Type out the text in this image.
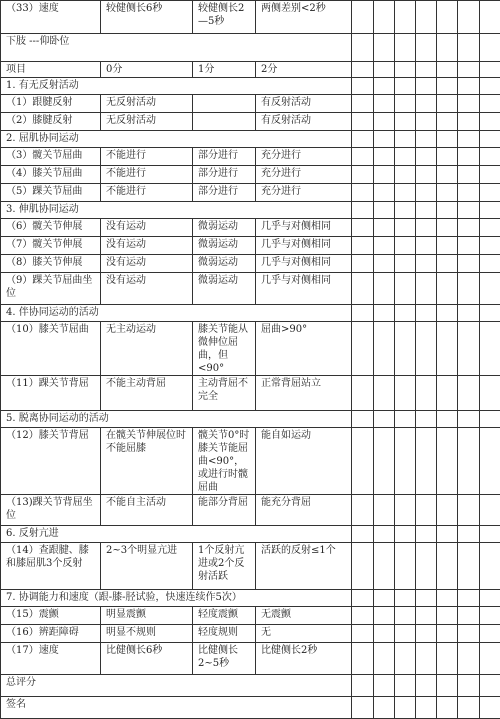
（33）速度	较健侧长6秒	较健侧长2—5秒	两侧差别<2秒							
下肢 ---仰卧位										
项目	0分	1分	2分							
1. 有无反射活动										
（1）跟腱反射	无反射活动		有反射活动							
（2）膝腱反射	无反射活动		有反射活动							
2. 屈肌协同运动										
（3）髋关节屈曲	不能进行	部分进行	充分进行							
（4）膝关节屈曲	不能进行	部分进行	充分进行							
（5）踝关节屈曲	不能进行	部分进行	充分进行							
3. 伸肌协同运动										
（6）髋关节伸展	没有运动	微弱运动	几乎与对侧相同							
（7）髋关节伸展	没有运动	微弱运动	几乎与对侧相同							
（8）膝关节伸展	没有运动	微弱运动	几乎与对侧相同							
（9）踝关节屈曲坐位	没有运动	微弱运动	几乎与对侧相同							
4. 伴协同运动的活动										
（10）膝关节屈曲	无主动运动	膝关节能从微伸位屈曲，但<90°	屈曲>90°							
（11）踝关节背屈	不能主动背屈	主动背屈不完全	正常背屈站立							
5. 脱离协同运动的活动										
（12）膝关节背屈	在髋关节伸展位时不能屈膝	髋关节0°时膝关节能屈曲<90°，或进行时髋屈曲	能自如运动							
（13)踝关节背屈坐位	不能自主活动	能部分背屈	能充分背屈							
6. 反射亢进										
（14）查跟腱、膝和膝屈肌3个反射	2~3个明显亢进	1个反射亢进或2个反射活跃	活跃的反射≤1个							
7. 协调能力和速度（跟-膝-胫试验，快速连续作5次）										
（15）震颤	明显震颤	轻度震颤	无震颤							
（16）辨距障碍	明显不规则	轻度规则	无							
（17）速度	比健侧长6秒	比健侧长2~5秒	比健侧长2秒							
总评分										
签名										
